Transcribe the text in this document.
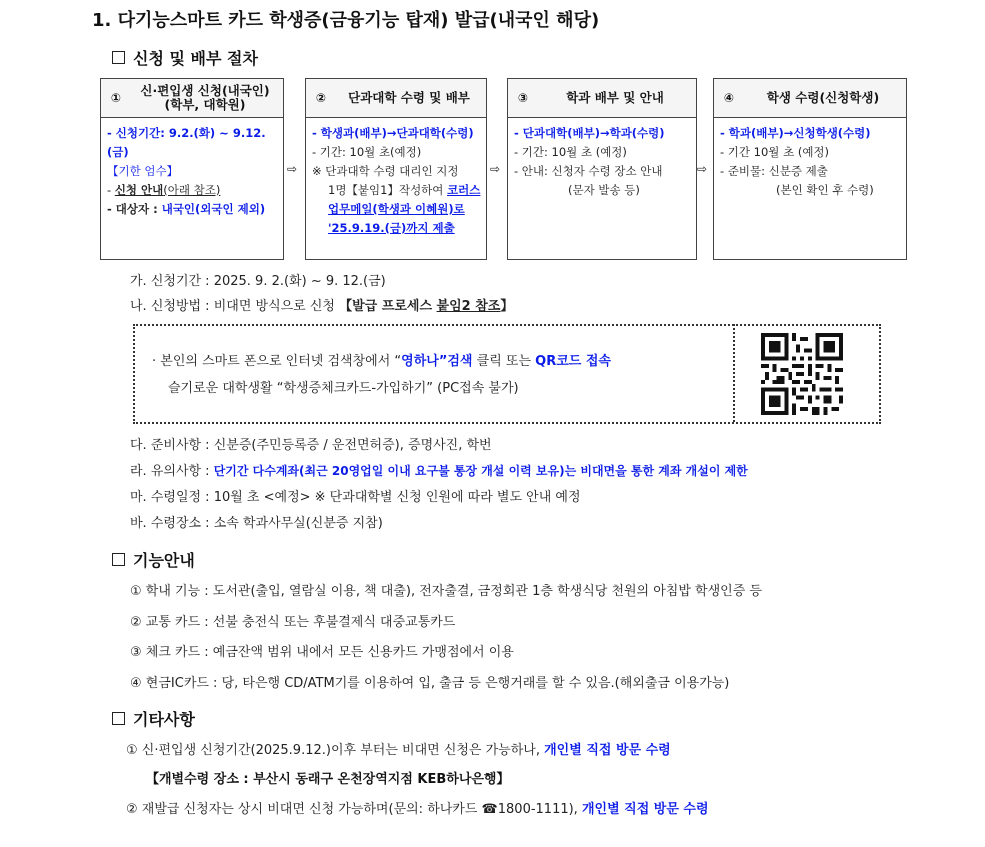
1. 다기능스마트 카드 학생증(금융기능 탑재) 발급(내국인 해당)
신청 및 배부 절차
①	신·편입생 신청(내국인)
(학부, 대학원)
- 신청기간: 9.2.(화) ~ 9.12.(금)
【기한 엄수】
- 신청 안내(아래 참조)
- 대상자 : 내국인(외국인 제외)
⇨
②	단과대학 수령 및 배부
- 학생과(배부)→단과대학(수령)
- 기간: 10월 초(예정)
※ 단과대학 수령 대리인 지정
1명【붙임1】작성하여 코러스
업무메일(학생과 이혜원)로
'25.9.19.(금)까지 제출
⇨
③	학과 배부 및 안내
- 단과대학(배부)→학과(수령)
- 기간: 10월 초 (예정)
- 안내: 신청자 수령 장소 안내
(문자 발송 등)
⇨
④	학생 수령(신청학생)
- 학과(배부)→신청학생(수령)
- 기간 10월 초 (예정)
- 준비물: 신분증 제출
(본인 확인 후 수령)
가. 신청기간 : 2025. 9. 2.(화) ~ 9. 12.(금)
나. 신청방법 : 비대면 방식으로 신청 【발급 프로세스 붙임2 참조】
· 본인의 스마트 폰으로 인터넷 검색창에서 “영하나”검색 클릭 또는 QR코드 접속
슬기로운 대학생활 “학생증체크카드-가입하기” (PC접속 불가)
다. 준비사항 : 신분증(주민등록증 / 운전면허증), 증명사진, 학번
라. 유의사항 : 단기간 다수계좌(최근 20영업일 이내 요구불 통장 개설 이력 보유)는 비대면을 통한 계좌 개설이 제한
마. 수령일정 : 10월 초 <예정> ※ 단과대학별 신청 인원에 따라 별도 안내 예정
바. 수령장소 : 소속 학과사무실(신분증 지참)
기능안내
① 학내 기능 : 도서관(출입, 열람실 이용, 책 대출), 전자출결, 금정회관 1층 학생식당 천원의 아침밥 학생인증 등
② 교통 카드 : 선불 충전식 또는 후불결제식 대중교통카드
③ 체크 카드 : 예금잔액 범위 내에서 모든 신용카드 가맹점에서 이용
④ 현금IC카드 : 당, 타은행 CD/ATM기를 이용하여 입, 출금 등 은행거래를 할 수 있음.(해외출금 이용가능)
기타사항
① 신·편입생 신청기간(2025.9.12.)이후 부터는 비대면 신청은 가능하나, 개인별 직접 방문 수령
【개별수령 장소 : 부산시 동래구 온천장역지점 KEB하나은행】
② 재발급 신청자는 상시 비대면 신청 가능하며(문의: 하나카드 ☎1800-1111), 개인별 직접 방문 수령
